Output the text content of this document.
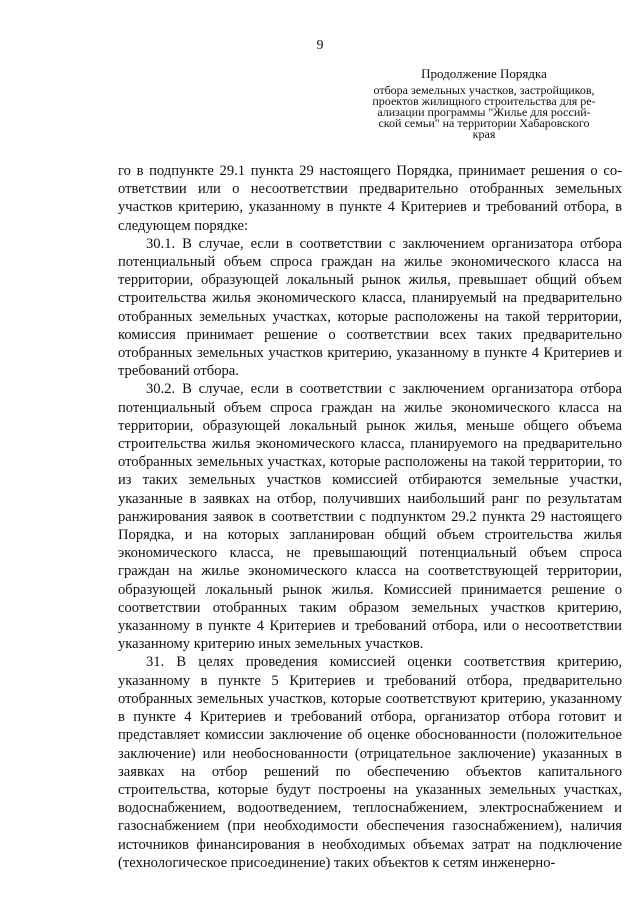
9
Продолжение Порядка
отбора земельных участков, застройщиков,
проектов жилищного строительства для ре-
ализации программы "Жилье для россий-
ской семьи" на территории Хабаровского
края

го в подпункте 29.1 пункта 29 настоящего Порядка, принимает решения о со-ответствии или о несоответствии предварительно отобранных земельных участков критерию, указанному в пункте 4 Критериев и требований отбора, в следующем порядке:

30.1. В случае, если в соответствии с заключением организатора отбора потенциальный объем спроса граждан на жилье экономического класса на территории, образующей локальный рынок жилья, превышает общий объем строительства жилья экономического класса, планируемый на предварительно отобранных земельных участках, которые расположены на такой территории, комиссия принимает решение о соответствии всех таких предварительно отобранных земельных участков критерию, указанному в пункте 4 Критериев и требований отбора.

30.2. В случае, если в соответствии с заключением организатора отбора потенциальный объем спроса граждан на жилье экономического класса на территории, образующей локальный рынок жилья, меньше общего объема строительства жилья экономического класса, планируемого на предварительно отобранных земельных участках, которые расположены на такой территории, то из таких земельных участков комиссией отбираются земельные участки, указанные в заявках на отбор, получивших наибольший ранг по результатам ранжирования заявок в соответствии с подпунктом 29.2 пункта 29 настоящего Порядка, и на которых запланирован общий объем строительства жилья экономического класса, не превышающий потенциальный объем спроса граждан на жилье экономического класса на соответствующей территории, образующей локальный рынок жилья. Комиссией принимается решение о соответствии отобранных таким образом земельных участков критерию, указанному в пункте 4 Критериев и требований отбора, или о несоответствии указанному критерию иных земельных участков.

31. В целях проведения комиссией оценки соответствия критерию, указанному в пункте 5 Критериев и требований отбора, предварительно отобранных земельных участков, которые соответствуют критерию, указанному в пункте 4 Критериев и требований отбора, организатор отбора готовит и представляет комиссии заключение об оценке обоснованности (положительное заключение) или необоснованности (отрицательное заключение) указанных в заявках на отбор решений по обеспечению объектов капитального строительства, которые будут построены на указанных земельных участках, водоснабжением, водоотведением, теплоснабжением, электроснабжением и газоснабжением (при необходимости обеспечения газоснабжением), наличия источников финансирования в необходимых объемах затрат на подключение (технологическое присоединение) таких объектов к сетям инженерно-
